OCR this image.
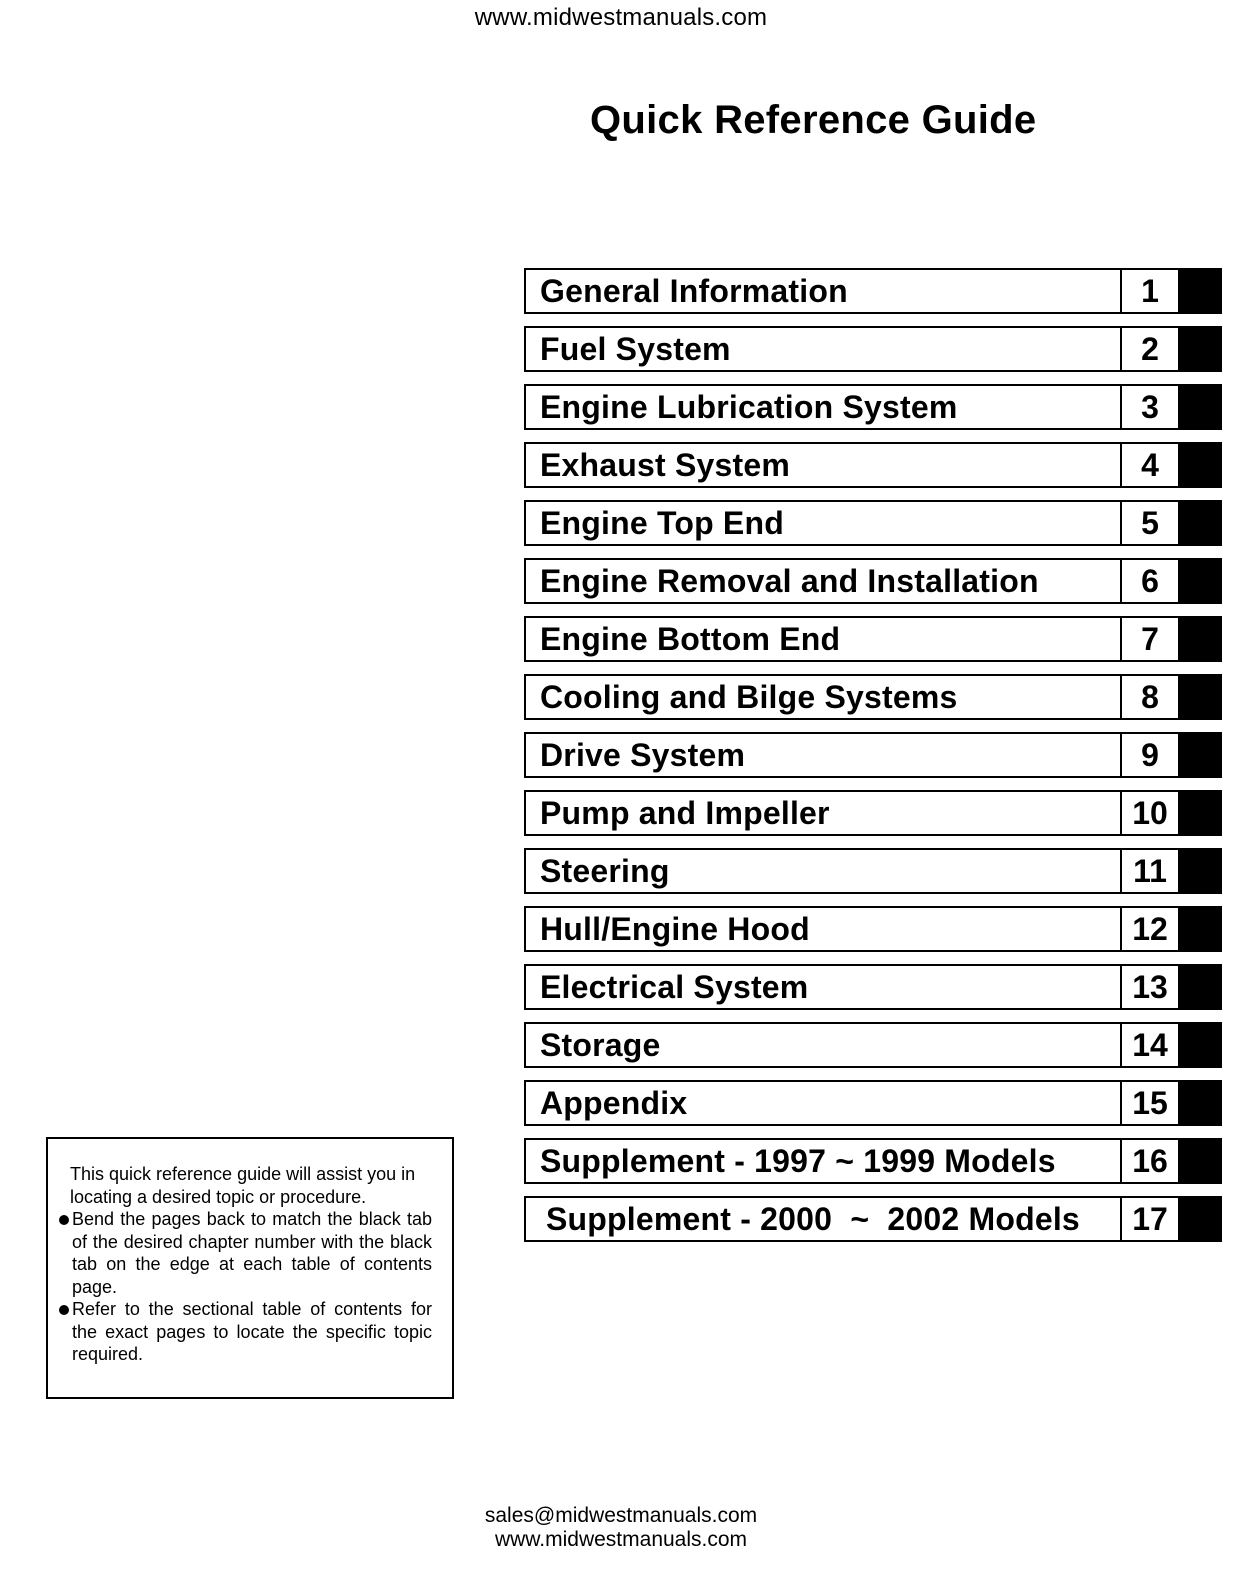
www.midwestmanuals.com
Quick Reference Guide
General Information	1
Fuel System	2
Engine Lubrication System	3
Exhaust System	4
Engine Top End	5
Engine Removal and Installation	6
Engine Bottom End	7
Cooling and Bilge Systems	8
Drive System	9
Pump and Impeller	10
Steering	11
Hull/Engine Hood	12
Electrical System	13
Storage	14
Appendix	15
Supplement - 1997 ~ 1999 Models	16
Supplement - 2000  ~  2002 Models	17

This quick reference guide will assist you in locating a desired topic or procedure.

Bend the pages back to match the black tab of the desired chapter number with the black tab on the edge at each table of contents page.

Refer to the sectional table of contents for the exact pages to locate the specific topic required.

sales@midwestmanuals.com
www.midwestmanuals.com
